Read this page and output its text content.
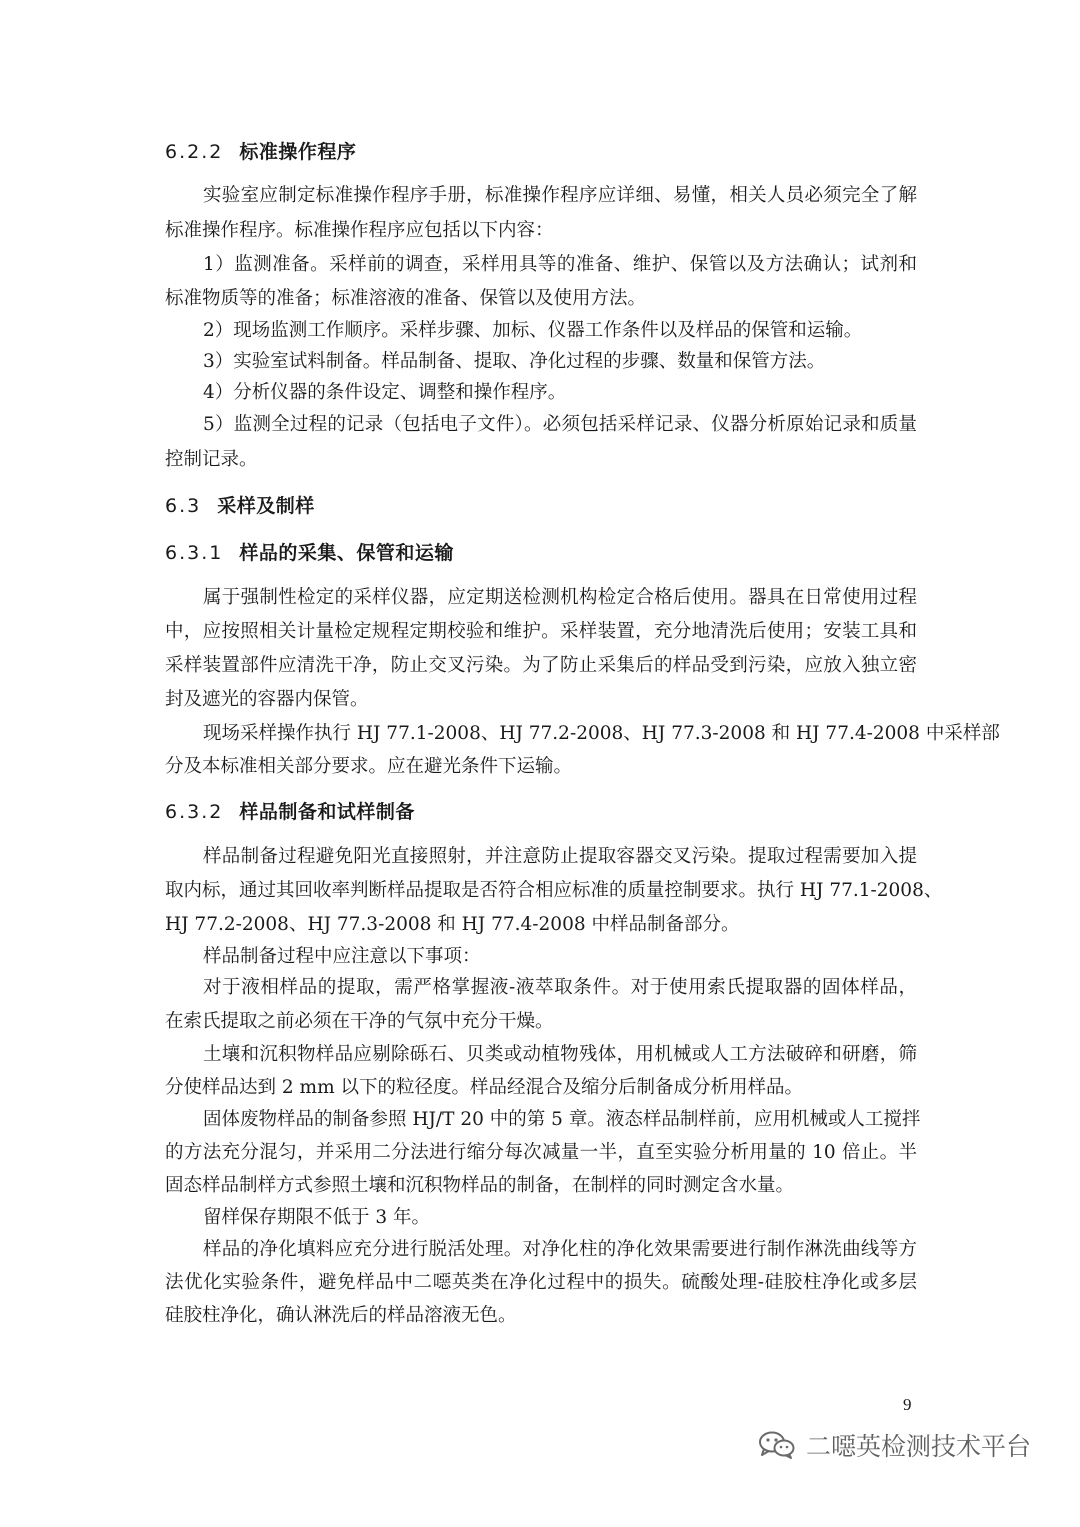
6.2.2 标准操作程序
实验室应制定标准操作程序手册，标准操作程序应详细、易懂，相关人员必须完全了解
标准操作程序。标准操作程序应包括以下内容：
1）监测准备。采样前的调查，采样用具等的准备、维护、保管以及方法确认；试剂和
标准物质等的准备；标准溶液的准备、保管以及使用方法。
2）现场监测工作顺序。采样步骤、加标、仪器工作条件以及样品的保管和运输。
3）实验室试料制备。样品制备、提取、净化过程的步骤、数量和保管方法。
4）分析仪器的条件设定、调整和操作程序。
5）监测全过程的记录（包括电子文件）。必须包括采样记录、仪器分析原始记录和质量
控制记录。
6.3 采样及制样
6.3.1 样品的采集、保管和运输
属于强制性检定的采样仪器，应定期送检测机构检定合格后使用。器具在日常使用过程
中，应按照相关计量检定规程定期校验和维护。采样装置，充分地清洗后使用；安装工具和
采样装置部件应清洗干净，防止交叉污染。为了防止采集后的样品受到污染，应放入独立密
封及遮光的容器内保管。
现场采样操作执行 HJ 77.1-2008、HJ 77.2-2008、HJ 77.3-2008 和 HJ 77.4-2008 中采样部
分及本标准相关部分要求。应在避光条件下运输。
6.3.2 样品制备和试样制备
样品制备过程避免阳光直接照射，并注意防止提取容器交叉污染。提取过程需要加入提
取内标，通过其回收率判断样品提取是否符合相应标准的质量控制要求。执行 HJ 77.1-2008、
HJ 77.2-2008、HJ 77.3-2008 和 HJ 77.4-2008 中样品制备部分。
样品制备过程中应注意以下事项：
对于液相样品的提取，需严格掌握液-液萃取条件。对于使用索氏提取器的固体样品，
在索氏提取之前必须在干净的气氛中充分干燥。
土壤和沉积物样品应剔除砾石、贝类或动植物残体，用机械或人工方法破碎和研磨，筛
分使样品达到 2 mm 以下的粒径度。样品经混合及缩分后制备成分析用样品。
固体废物样品的制备参照 HJ/T 20 中的第 5 章。液态样品制样前，应用机械或人工搅拌
的方法充分混匀，并采用二分法进行缩分每次减量一半，直至实验分析用量的 10 倍止。半
固态样品制样方式参照土壤和沉积物样品的制备，在制样的同时测定含水量。
留样保存期限不低于 3 年。
样品的净化填料应充分进行脱活处理。对净化柱的净化效果需要进行制作淋洗曲线等方
法优化实验条件，避免样品中二噁英类在净化过程中的损失。硫酸处理-硅胶柱净化或多层
硅胶柱净化，确认淋洗后的样品溶液无色。
9
二噁英检测技术平台
